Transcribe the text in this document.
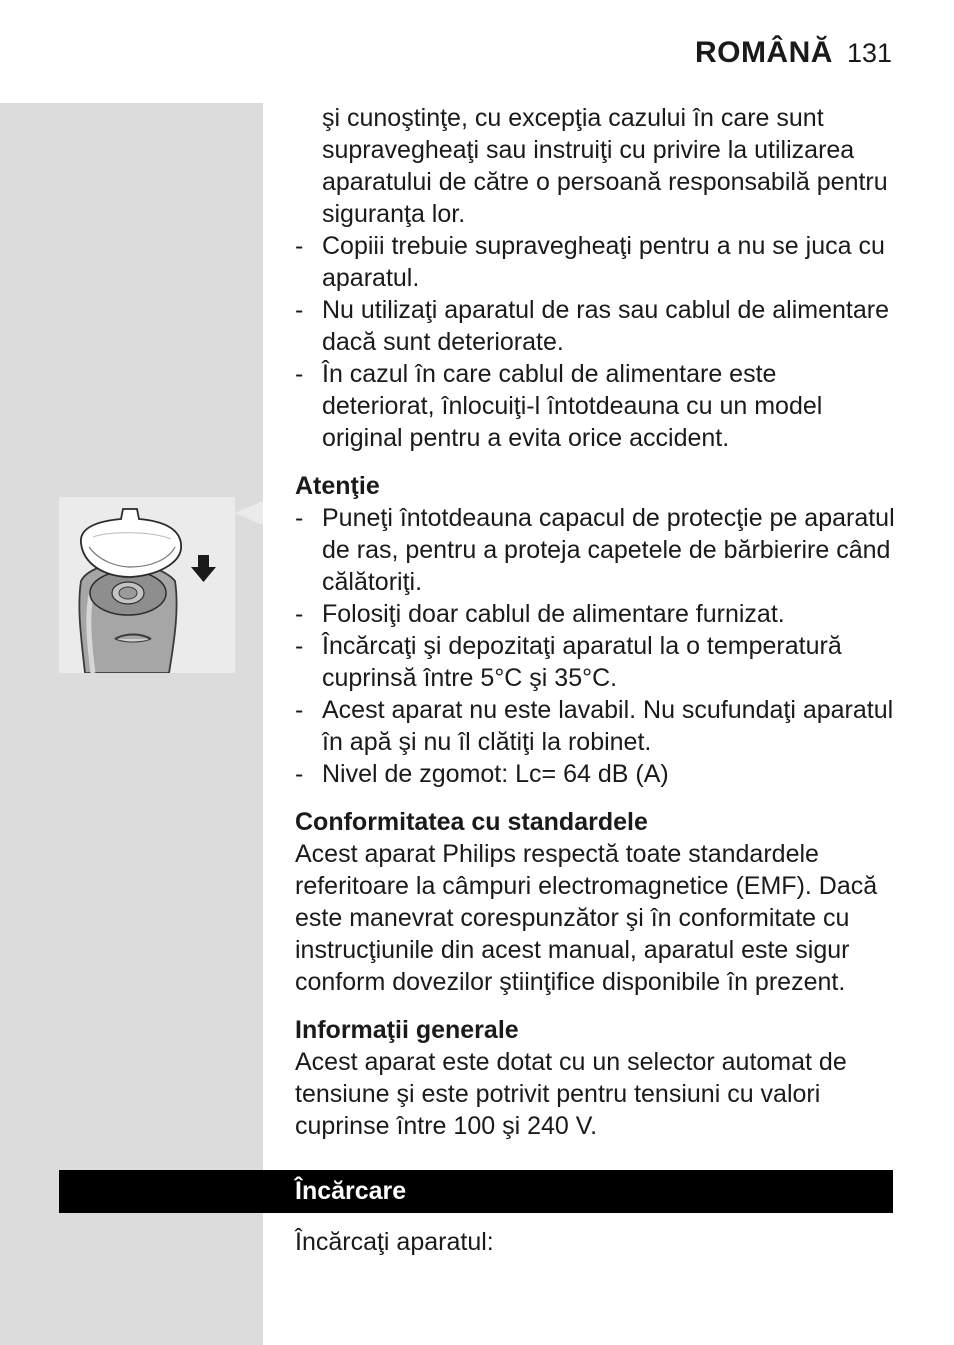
ROMÂNĂ 131

şi cunoştinţe, cu excepţia cazului în care sunt supravegheaţi sau instruiţi cu privire la utilizarea aparatului de către o persoană responsabilă pentru siguranţa lor.

- Copiii trebuie supravegheaţi pentru a nu se juca cu aparatul.
- Nu utilizaţi aparatul de ras sau cablul de alimentare dacă sunt deteriorate.
- În cazul în care cablul de alimentare este deteriorat, înlocuiţi-l întotdeauna cu un model original pentru a evita orice accident.
Atenţie
- Puneţi întotdeauna capacul de protecţie pe aparatul de ras, pentru a proteja capetele de bărbierire când călătoriţi.
- Folosiţi doar cablul de alimentare furnizat.
- Încărcaţi şi depozitaţi aparatul la o temperatură cuprinsă între 5°C şi 35°C.
- Acest aparat nu este lavabil. Nu scufundaţi aparatul în apă şi nu îl clătiţi la robinet.
- Nivel de zgomot: Lc= 64 dB (A)
Conformitatea cu standardele

Acest aparat Philips respectă toate standardele referitoare la câmpuri electromagnetice (EMF). Dacă este manevrat corespunzător şi în conformitate cu instrucţiunile din acest manual, aparatul este sigur conform dovezilor ştiinţifice disponibile în prezent.

Informaţii generale

Acest aparat este dotat cu un selector automat de tensiune şi este potrivit pentru tensiuni cu valori cuprinse între 100 şi 240 V.

Încărcare
Încărcaţi aparatul:
